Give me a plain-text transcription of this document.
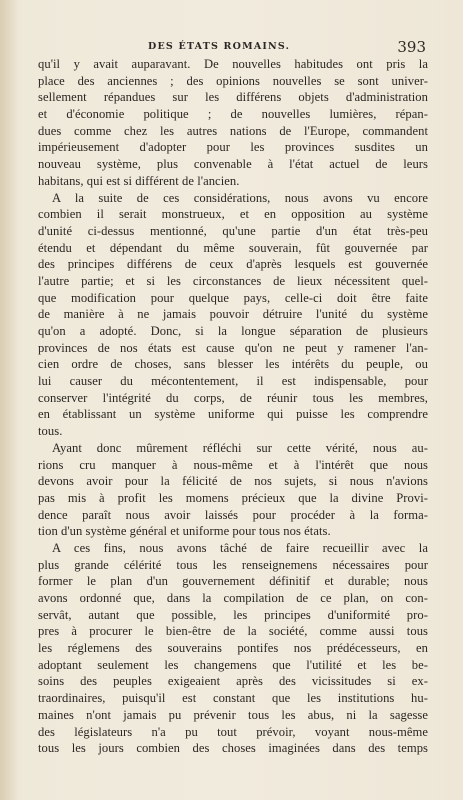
DES ÉTATS ROMAINS.	393
qu'il y avait auparavant. De nouvelles habitudes ont pris la
place des anciennes ; des opinions nouvelles se sont univer-
sellement répandues sur les différens objets d'administration
et d'économie politique ; de nouvelles lumières, répan-
dues comme chez les autres nations de l'Europe, commandent
impérieusement d'adopter pour les provinces susdites un
nouveau système, plus convenable à l'état actuel de leurs
habitans, qui est si différent de l'ancien.
A la suite de ces considérations, nous avons vu encore
combien il serait monstrueux, et en opposition au système
d'unité ci-dessus mentionné, qu'une partie d'un état très-peu
étendu et dépendant du même souverain, fût gouvernée par
des principes différens de ceux d'après lesquels est gouvernée
l'autre partie; et si les circonstances de lieux nécessitent quel-
que modification pour quelque pays, celle-ci doit être faite
de manière à ne jamais pouvoir détruire l'unité du système
qu'on a adopté. Donc, si la longue séparation de plusieurs
provinces de nos états est cause qu'on ne peut y ramener l'an-
cien ordre de choses, sans blesser les intérêts du peuple, ou
lui causer du mécontentement, il est indispensable, pour
conserver l'intégrité du corps, de réunir tous les membres,
en établissant un système uniforme qui puisse les comprendre
tous.
Ayant donc mûrement réfléchi sur cette vérité, nous au-
rions cru manquer à nous-même et à l'intérêt que nous
devons avoir pour la félicité de nos sujets, si nous n'avions
pas mis à profit les momens précieux que la divine Provi-
dence paraît nous avoir laissés pour procéder à la forma-
tion d'un système général et uniforme pour tous nos états.
A ces fins, nous avons tâché de faire recueillir avec la
plus grande célérité tous les renseignemens nécessaires pour
former le plan d'un gouvernement définitif et durable; nous
avons ordonné que, dans la compilation de ce plan, on con-
servât, autant que possible, les principes d'uniformité pro-
pres à procurer le bien-être de la société, comme aussi tous
les réglemens des souverains pontifes nos prédécesseurs, en
adoptant seulement les changemens que l'utilité et les be-
soins des peuples exigeaient après des vicissitudes si ex-
traordinaires, puisqu'il est constant que les institutions hu-
maines n'ont jamais pu prévenir tous les abus, ni la sagesse
des législateurs n'a pu tout prévoir, voyant nous-même
tous les jours combien des choses imaginées dans des temps
